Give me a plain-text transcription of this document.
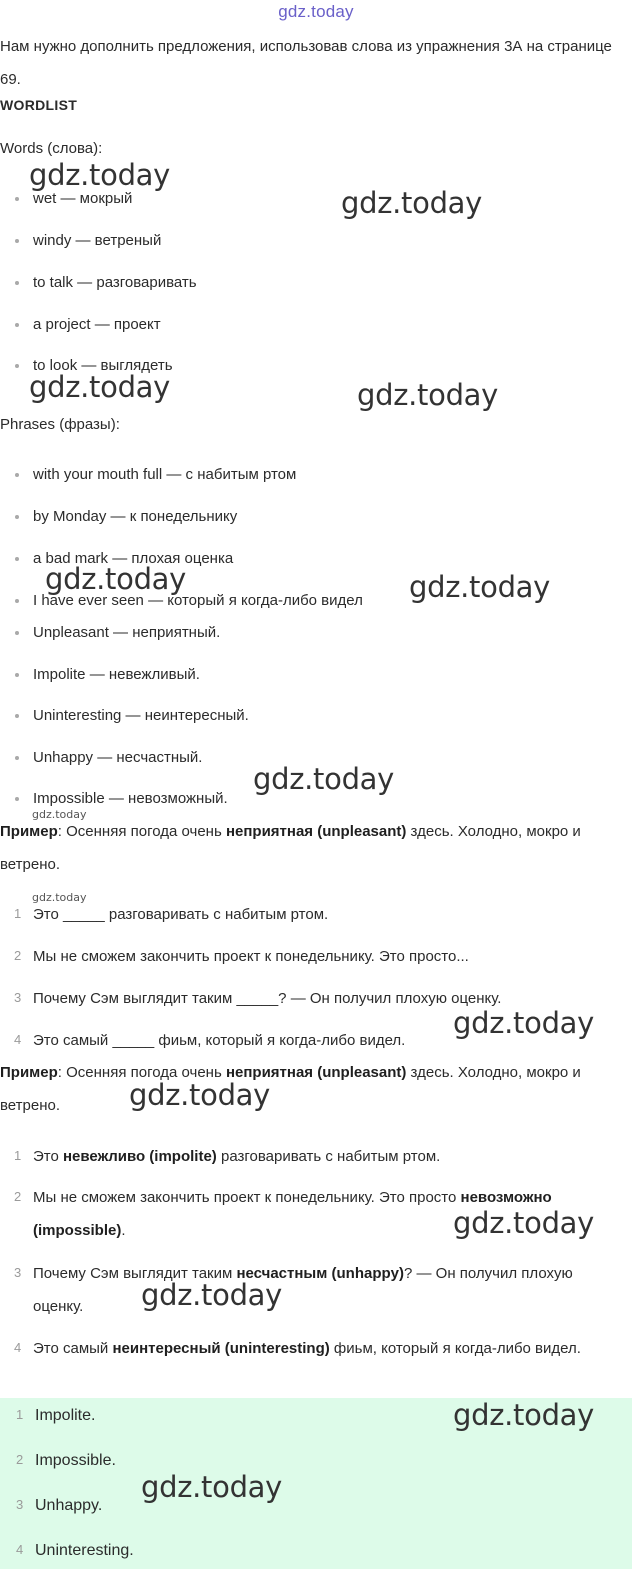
gdz.today
Нам нужно дополнить предложения, использовав слова из упражнения 3А на странице 69.
WORDLIST
Words (слова):
wet — мокрый
windy — ветреный
to talk — разговаривать
a project — проект
to look — выглядеть
Phrases (фразы):
with your mouth full — с набитым ртом
by Monday — к понедельнику
a bad mark — плохая оценка
I have ever seen — который я когда-либо видел
Unpleasant — неприятный.
Impolite — невежливый.
Uninteresting — неинтересный.
Unhappy — несчастный.
Impossible — невозможный.
Пример: Осенняя погода очень неприятная (unpleasant) здесь. Холодно, мокро и ветрено.
1 Это _____ разговаривать с набитым ртом.
2 Мы не сможем закончить проект к понедельнику. Это просто...
3 Почему Сэм выглядит таким _____? — Он получил плохую оценку.
4 Это самый _____ фиьм, который я когда-либо видел.
Пример: Осенняя погода очень неприятная (unpleasant) здесь. Холодно, мокро и ветрено.
1 Это невежливо (impolite) разговаривать с набитым ртом.
2 Мы не сможем закончить проект к понедельнику. Это просто невозможно (impossible).
3 Почему Сэм выглядит таким несчастным (unhappy)? — Он получил плохую оценку.
4 Это самый неинтересный (uninteresting) фиьм, который я когда-либо видел.
1 Impolite.
2 Impossible.
3 Unhappy.
4 Uninteresting.
gdz.today
gdz.today
gdz.today	gdz.today
gdz.today	gdz.today
gdz.today
gdz.today
gdz.today
gdz.today
gdz.today
gdz.today
gdz.today
gdz.today
gdz.today
